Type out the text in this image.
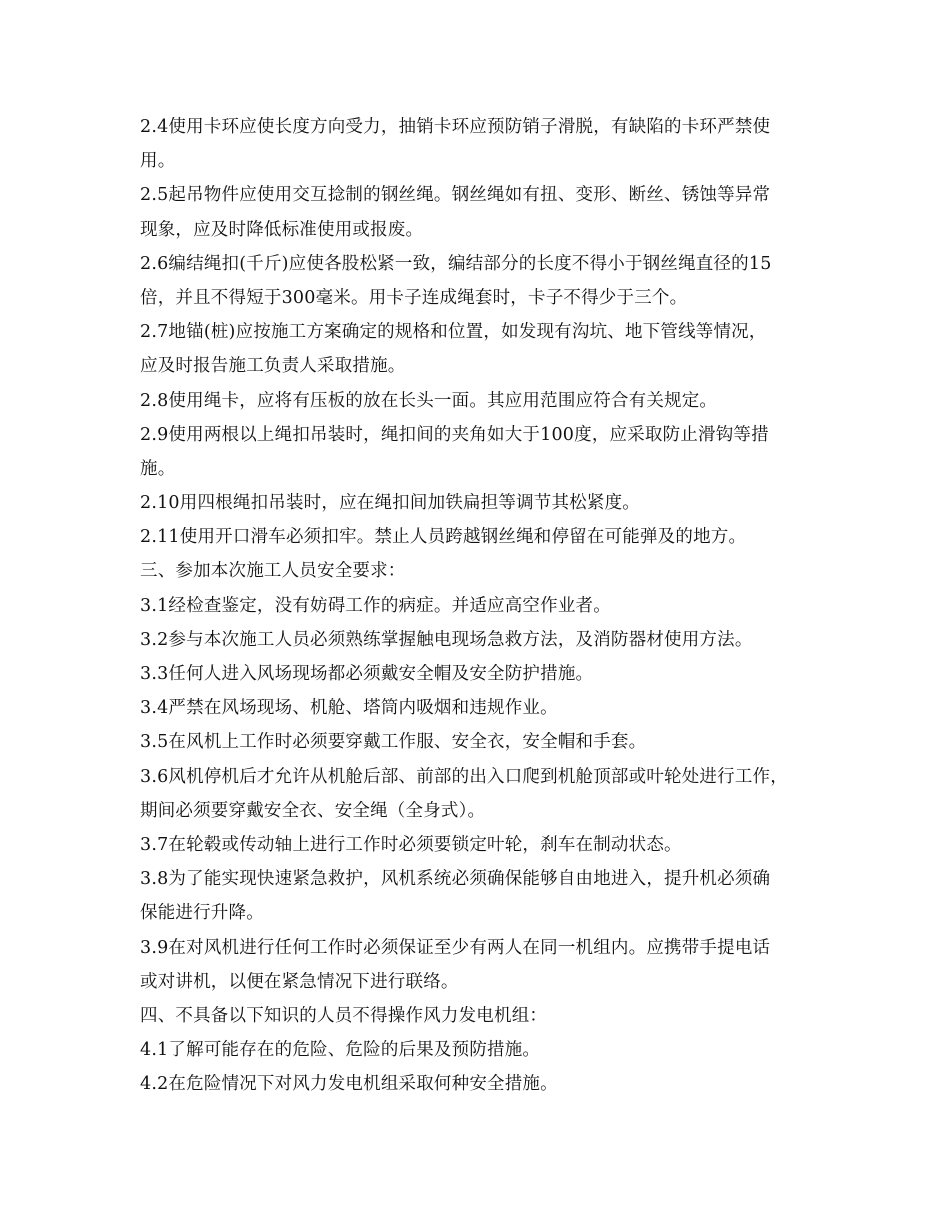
2.4使用卡环应使长度方向受力，抽销卡环应预防销子滑脱，有缺陷的卡环严禁使
用。
2.5起吊物件应使用交互捻制的钢丝绳。钢丝绳如有扭、变形、断丝、锈蚀等异常
现象，应及时降低标准使用或报废。
2.6编结绳扣(千斤)应使各股松紧一致，编结部分的长度不得小于钢丝绳直径的15
倍，并且不得短于300毫米。用卡子连成绳套时，卡子不得少于三个。
2.7地锚(桩)应按施工方案确定的规格和位置，如发现有沟坑、地下管线等情况，
应及时报告施工负责人采取措施。
2.8使用绳卡，应将有压板的放在长头一面。其应用范围应符合有关规定。
2.9使用两根以上绳扣吊装时，绳扣间的夹角如大于100度，应采取防止滑钩等措
施。
2.10用四根绳扣吊装时，应在绳扣间加铁扁担等调节其松紧度。
2.11使用开口滑车必须扣牢。禁止人员跨越钢丝绳和停留在可能弹及的地方。
三、参加本次施工人员安全要求：
3.1经检查鉴定，没有妨碍工作的病症。并适应高空作业者。
3.2参与本次施工人员必须熟练掌握触电现场急救方法，及消防器材使用方法。
3.3任何人进入风场现场都必须戴安全帽及安全防护措施。
3.4严禁在风场现场、机舱、塔筒内吸烟和违规作业。
3.5在风机上工作时必须要穿戴工作服、安全衣，安全帽和手套。
3.6风机停机后才允许从机舱后部、前部的出入口爬到机舱顶部或叶轮处进行工作，
期间必须要穿戴安全衣、安全绳（全身式）。
3.7在轮毂或传动轴上进行工作时必须要锁定叶轮，刹车在制动状态。
3.8为了能实现快速紧急救护，风机系统必须确保能够自由地进入，提升机必须确
保能进行升降。
3.9在对风机进行任何工作时必须保证至少有两人在同一机组内。应携带手提电话
或对讲机，以便在紧急情况下进行联络。
四、不具备以下知识的人员不得操作风力发电机组：
4.1了解可能存在的危险、危险的后果及预防措施。
4.2在危险情况下对风力发电机组采取何种安全措施。
